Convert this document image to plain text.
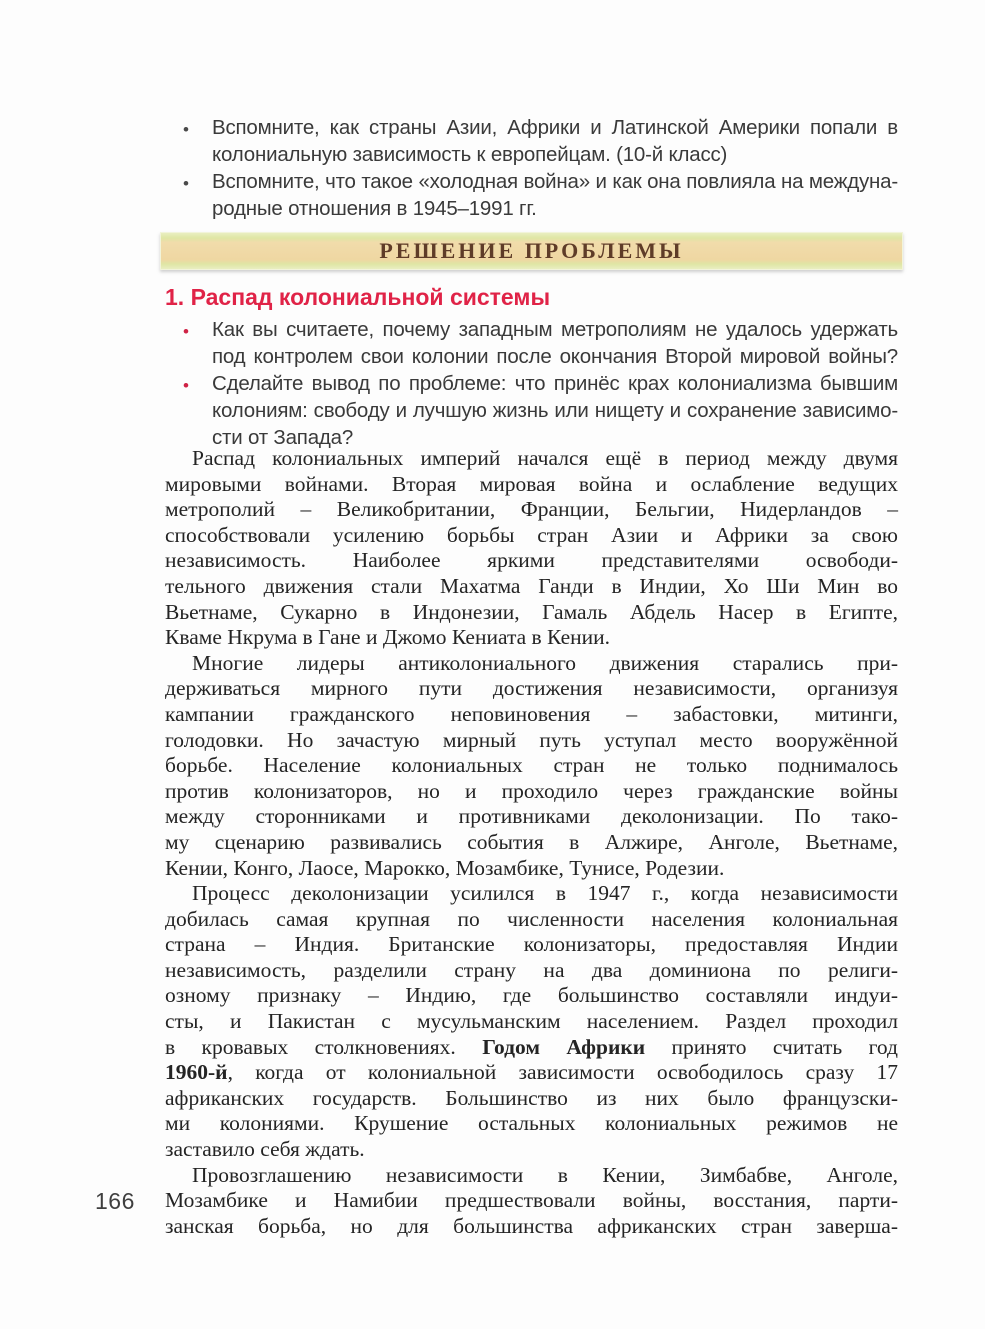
• Вспомните, как страны Азии, Африки и Латинской Америки попали в
колониальную зависимость к европейцам. (10-й класс)
• Вспомните, что такое «холодная война» и как она повлияла на междуна-
родные отношения в 1945–1991 гг.
РЕШЕНИЕ ПРОБЛЕМЫ
1. Распад колониальной системы
• Как вы считаете, почему западным метрополиям не удалось удержать
под контролем свои колонии после окончания Второй мировой войны?
• Сделайте вывод по проблеме: что принёс крах колониализма бывшим
колониям: свободу и лучшую жизнь или нищету и сохранение зависимо-
сти от Запада?
Распад колониальных империй начался ещё в период между двумя
мировыми войнами. Вторая мировая война и ослабление ведущих
метрополий – Великобритании, Франции, Бельгии, Нидерландов –
способствовали усилению борьбы стран Азии и Африки за свою
независимость. Наиболее яркими представителями освободи-
тельного движения стали Махатма Ганди в Индии, Хо Ши Мин во
Вьетнаме, Сукарно в Индонезии, Гамаль Абдель Насер в Египте,
Кваме Нкрума в Гане и Джомо Кениата в Кении.
Многие лидеры антиколониального движения старались при-
держиваться мирного пути достижения независимости, организуя
кампании гражданского неповиновения – забастовки, митинги,
голодовки. Но зачастую мирный путь уступал место вооружённой
борьбе. Население колониальных стран не только поднималось
против колонизаторов, но и проходило через гражданские войны
между сторонниками и противниками деколонизации. По тако-
му сценарию развивались события в Алжире, Анголе, Вьетнаме,
Кении, Конго, Лаосе, Марокко, Мозамбике, Тунисе, Родезии.
Процесс деколонизации усилился в 1947 г., когда независимости
добилась самая крупная по численности населения колониальная
страна – Индия. Британские колонизаторы, предоставляя Индии
независимость, разделили страну на два доминиона по религи-
озному признаку – Индию, где большинство составляли индуи-
сты, и Пакистан с мусульманским населением. Раздел проходил
в кровавых столкновениях. Годом Африки принято считать год
1960-й, когда от колониальной зависимости освободилось сразу 17
африканских государств. Большинство из них было французски-
ми колониями. Крушение остальных колониальных режимов не
заставило себя ждать.
Провозглашению независимости в Кении, Зимбабве, Анголе,
Мозамбике и Намибии предшествовали войны, восстания, парти-
занская борьба, но для большинства африканских стран заверша-
166
